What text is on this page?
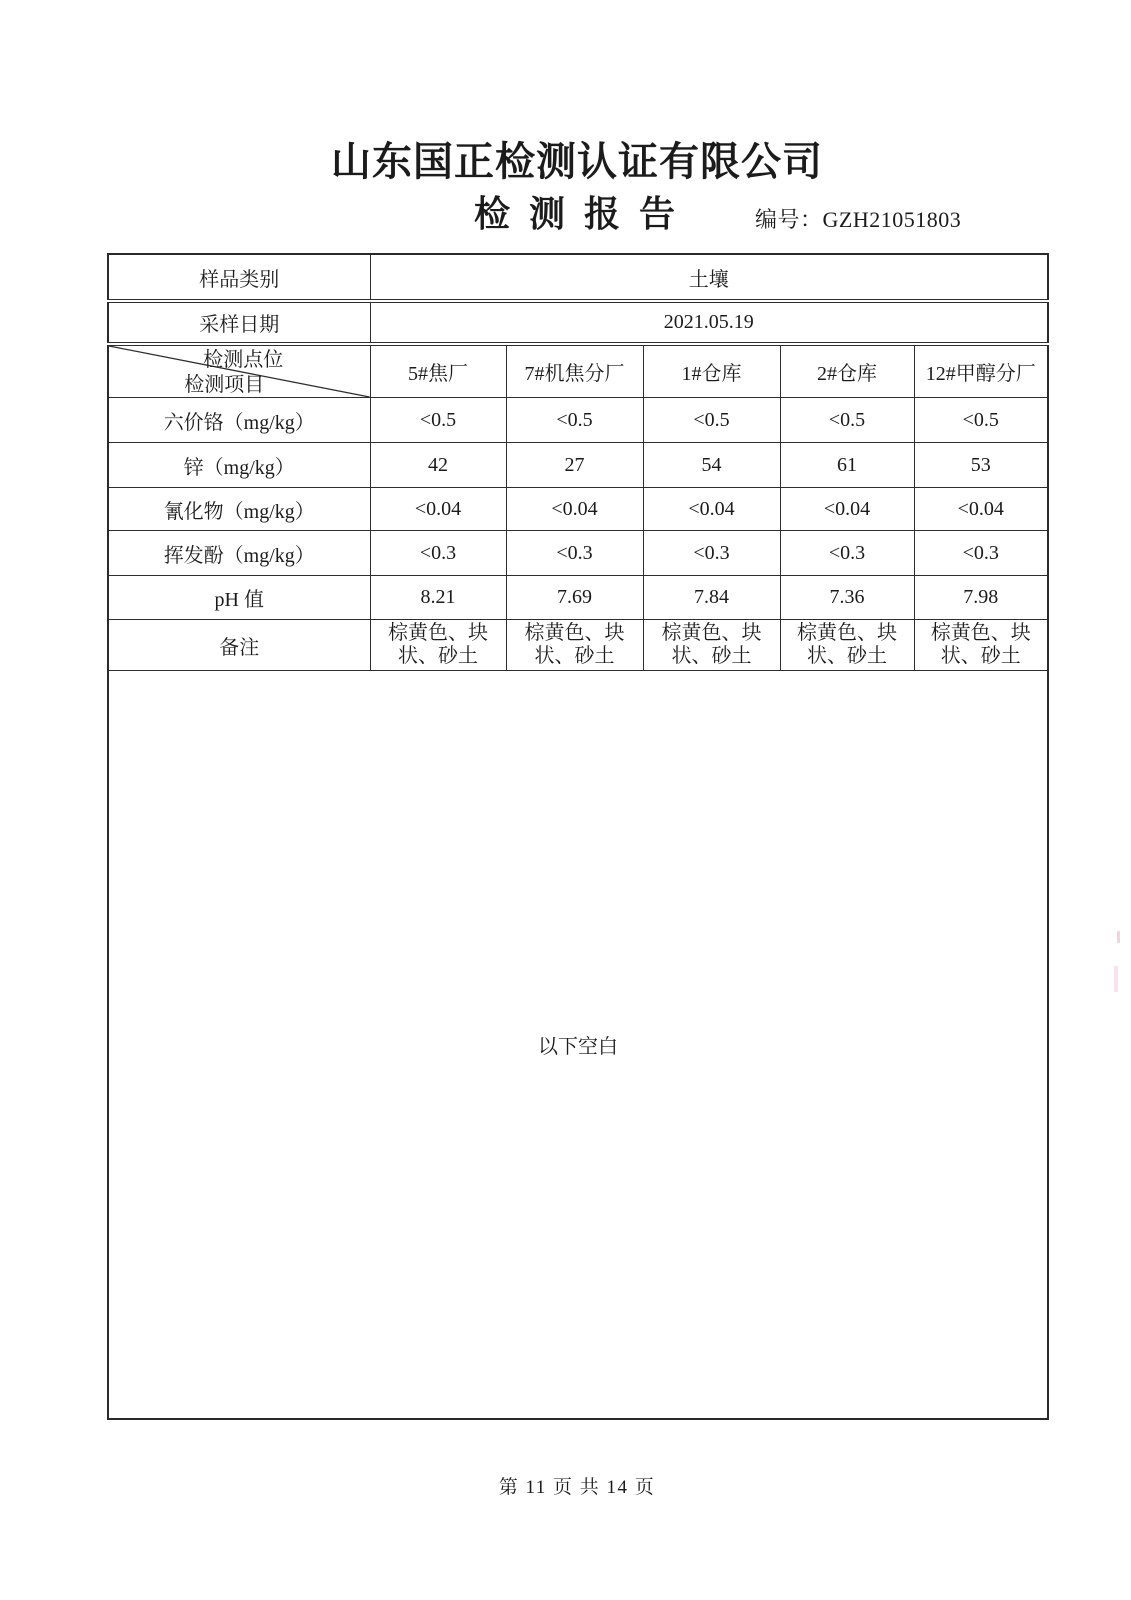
山东国正检测认证有限公司
检 测 报 告	编号：GZH21051803
样品类别	土壤				
采样日期	2021.05.19				

检测点位
检测项目	5#焦厂	7#机焦分厂	1#仓库	2#仓库	12#甲醇分厂
六价铬（mg/kg）	<0.5	<0.5	<0.5	<0.5	<0.5
锌（mg/kg）	42	27	54	61	53
氰化物（mg/kg）	<0.04	<0.04	<0.04	<0.04	<0.04
挥发酚（mg/kg）	<0.3	<0.3	<0.3	<0.3	<0.3
pH 值	8.21	7.69	7.84	7.36	7.98
备注	棕黄色、块状、砂土	棕黄色、块状、砂土	棕黄色、块状、砂土	棕黄色、块状、砂土	棕黄色、块状、砂土
以下空白					
第 11 页 共 14 页
